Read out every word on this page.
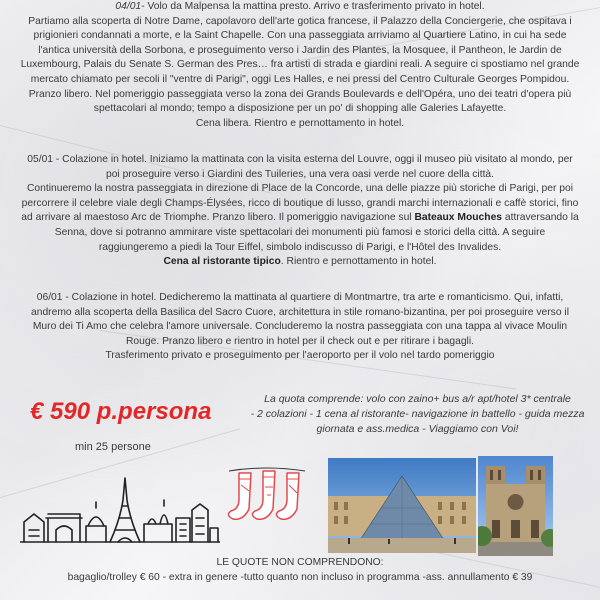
04/01- Volo da Malpensa la mattina presto. Arrivo e trasferimento privato in hotel.

Partiamo alla scoperta di Notre Dame, capolavoro dell'arte gotica francese, il Palazzo della Conciergerie, che ospitava i

prigionieri condannati a morte, e la Saint Chapelle. Con una passeggiata arriviamo al Quartiere Latino, in cui ha sede

l'antica università della Sorbona, e proseguimento verso i Jardin des Plantes, la Mosquee, il Pantheon, le Jardin de

Luxembourg, Palais du Senate S. German des Pres… fra artisti di strada e giardini reali. A seguire ci spostiamo nel grande

mercato chiamato per secoli il "ventre di Parigi", oggi Les Halles, e nei pressi del Centro Culturale Georges Pompidou.

Pranzo libero. Nel pomeriggio passeggiata verso la zona dei Grands Boulevards e dell'Opéra, uno dei teatri d'opera più

spettacolari al mondo; tempo a disposizione per un po' di shopping alle Galeries Lafayette.

Cena libera. Rientro e pernottamento in hotel.

05/01 - Colazione in hotel. Iniziamo la mattinata con la visita esterna del Louvre, oggi il museo più visitato al mondo, per

poi proseguire verso i Giardini des Tuileries, una vera oasi verde nel cuore della città.

Continueremo la nostra passeggiata in direzione di Place de la Concorde, una delle piazze più storiche di Parigi, per poi

percorrere il celebre viale degli Champs-Élysées, ricco di boutique di lusso, grandi marchi internazionali e caffè storici, fino

ad arrivare al maestoso Arc de Triomphe. Pranzo libero. Il pomeriggio navigazione sul Bateaux Mouches attraversando la

Senna, dove si potranno ammirare viste spettacolari dei monumenti più famosi e storici della città. A seguire

raggiungeremo a piedi la Tour Eiffel, simbolo indiscusso di Parigi, e l'Hôtel des Invalides.

Cena al ristorante tipico. Rientro e pernottamento in hotel.

06/01 - Colazione in hotel. Dedicheremo la mattinata al quartiere di Montmartre, tra arte e romanticismo. Qui, infatti,

andremo alla scoperta della Basilica del Sacro Cuore, architettura in stile romano-bizantina, per poi proseguire verso il

Muro dei Ti Amo che celebra l'amore universale. Concluderemo la nostra passeggiata con una tappa al vivace Moulin

Rouge. Pranzo libero e rientro in hotel per il check out e per ritirare i bagagli.

Trasferimento privato e proseguimento per l'aeroporto per il volo nel tardo pomeriggio

€ 590 p.persona
min 25 persone
La quota comprende: volo con zaino+ bus a/r apt/hotel 3* centrale
- 2 colazioni - 1 cena al ristorante- navigazione in battello - guida mezza
giornata e ass.medica - Viaggiamo con Voi!
LE QUOTE NON COMPRENDONO:
bagaglio/trolley € 60 - extra in genere -tutto quanto non incluso in programma -ass. annullamento € 39
